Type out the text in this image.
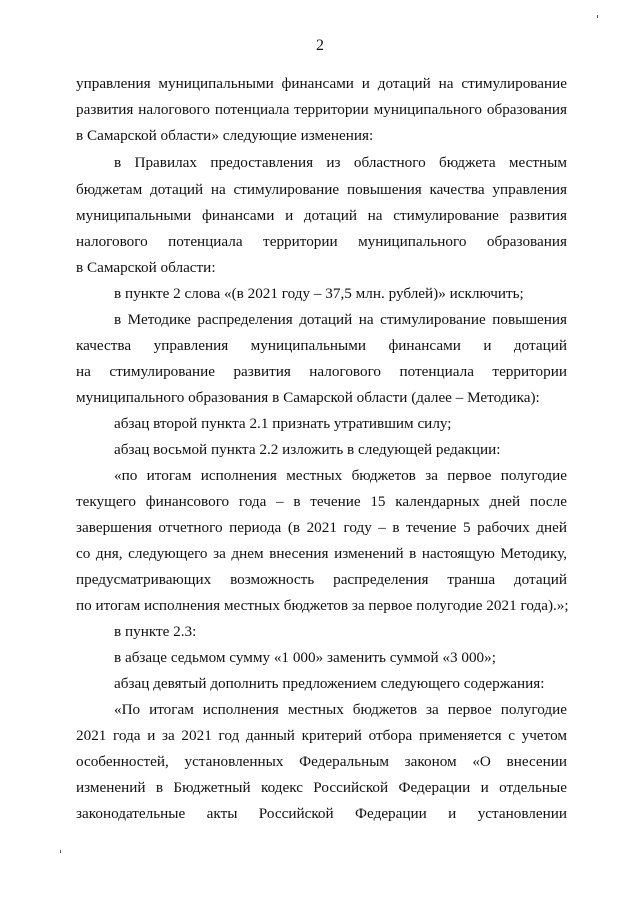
2
управления муниципальными финансами и дотаций на стимулирование
развития налогового потенциала территории муниципального образования
в Самарской области» следующие изменения:
в Правилах предоставления из областного бюджета местным
бюджетам дотаций на стимулирование повышения качества управления
муниципальными финансами и дотаций на стимулирование развития
налогового потенциала территории муниципального образования
в Самарской области:
в пункте 2 слова «(в 2021 году – 37,5 млн. рублей)» исключить;
в Методике распределения дотаций на стимулирование повышения
качества управления муниципальными финансами и дотаций
на стимулирование развития налогового потенциала территории
муниципального образования в Самарской области (далее – Методика):
абзац второй пункта 2.1 признать утратившим силу;
абзац восьмой пункта 2.2 изложить в следующей редакции:
«по итогам исполнения местных бюджетов за первое полугодие
текущего финансового года – в течение 15 календарных дней после
завершения отчетного периода (в 2021 году – в течение 5 рабочих дней
со дня, следующего за днем внесения изменений в настоящую Методику,
предусматривающих возможность распределения транша дотаций
по итогам исполнения местных бюджетов за первое полугодие 2021 года).»;
в пункте 2.3:
в абзаце седьмом сумму «1 000» заменить суммой «3 000»;
абзац девятый дополнить предложением следующего содержания:
«По итогам исполнения местных бюджетов за первое полугодие
2021 года и за 2021 год данный критерий отбора применяется с учетом
особенностей, установленных Федеральным законом «О внесении
изменений в Бюджетный кодекс Российской Федерации и отдельные
законодательные акты Российской Федерации и установлении
